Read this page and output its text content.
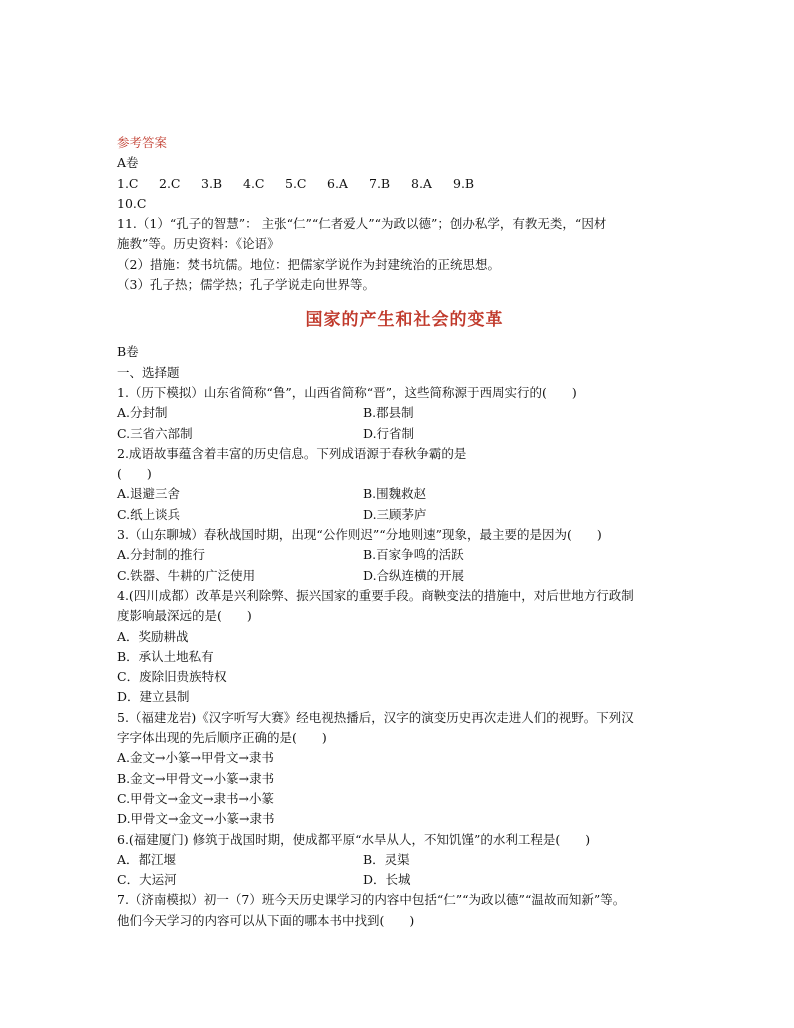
参考答案
A卷
1.C	2.C	3.B	4.C	5.C	6.A	7.B	8.A	9.B
10.C
11.（1）“孔子的智慧”： 主张“仁”“仁者爱人”“为政以德”；创办私学，有教无类，“因材
施教”等。历史资料：《论语》
（2）措施：焚书坑儒。地位：把儒家学说作为封建统治的正统思想。
（3）孔子热；儒学热；孔子学说走向世界等。
国家的产生和社会的变革
B卷
一、选择题
1.（历下模拟）山东省简称“鲁”，山西省简称“晋”，这些简称源于西周实行的(　　)
A.分封制	B.郡县制
C.三省六部制	D.行省制
2.成语故事蕴含着丰富的历史信息。下列成语源于春秋争霸的是
(　　)
A.退避三舍	B.围魏救赵
C.纸上谈兵	D.三顾茅庐
3.（山东聊城）春秋战国时期，出现“公作则迟”“分地则速”现象，最主要的是因为(　　)
A.分封制的推行	B.百家争鸣的活跃
C.铁器、牛耕的广泛使用	D.合纵连横的开展
4.(四川成都）改革是兴利除弊、振兴国家的重要手段。商鞅变法的措施中，对后世地方行政制
度影响最深远的是(　　)
A．奖励耕战
B．承认土地私有
C．废除旧贵族特权
D．建立县制
5.（福建龙岩)《汉字听写大赛》经电视热播后，汉字的演变历史再次走进人们的视野。下列汉
字字体出现的先后顺序正确的是(　　)
A.金文→小篆→甲骨文→隶书
B.金文→甲骨文→小篆→隶书
C.甲骨文→金文→隶书→小篆
D.甲骨文→金文→小篆→隶书
6.(福建厦门) 修筑于战国时期，使成都平原“水旱从人，不知饥馑”的水利工程是(　　)
A．都江堰	B．灵渠
C．大运河	D．长城
7.（济南模拟）初一（7）班今天历史课学习的内容中包括“仁”“为政以德”“温故而知新”等。
他们今天学习的内容可以从下面的哪本书中找到(　　)
